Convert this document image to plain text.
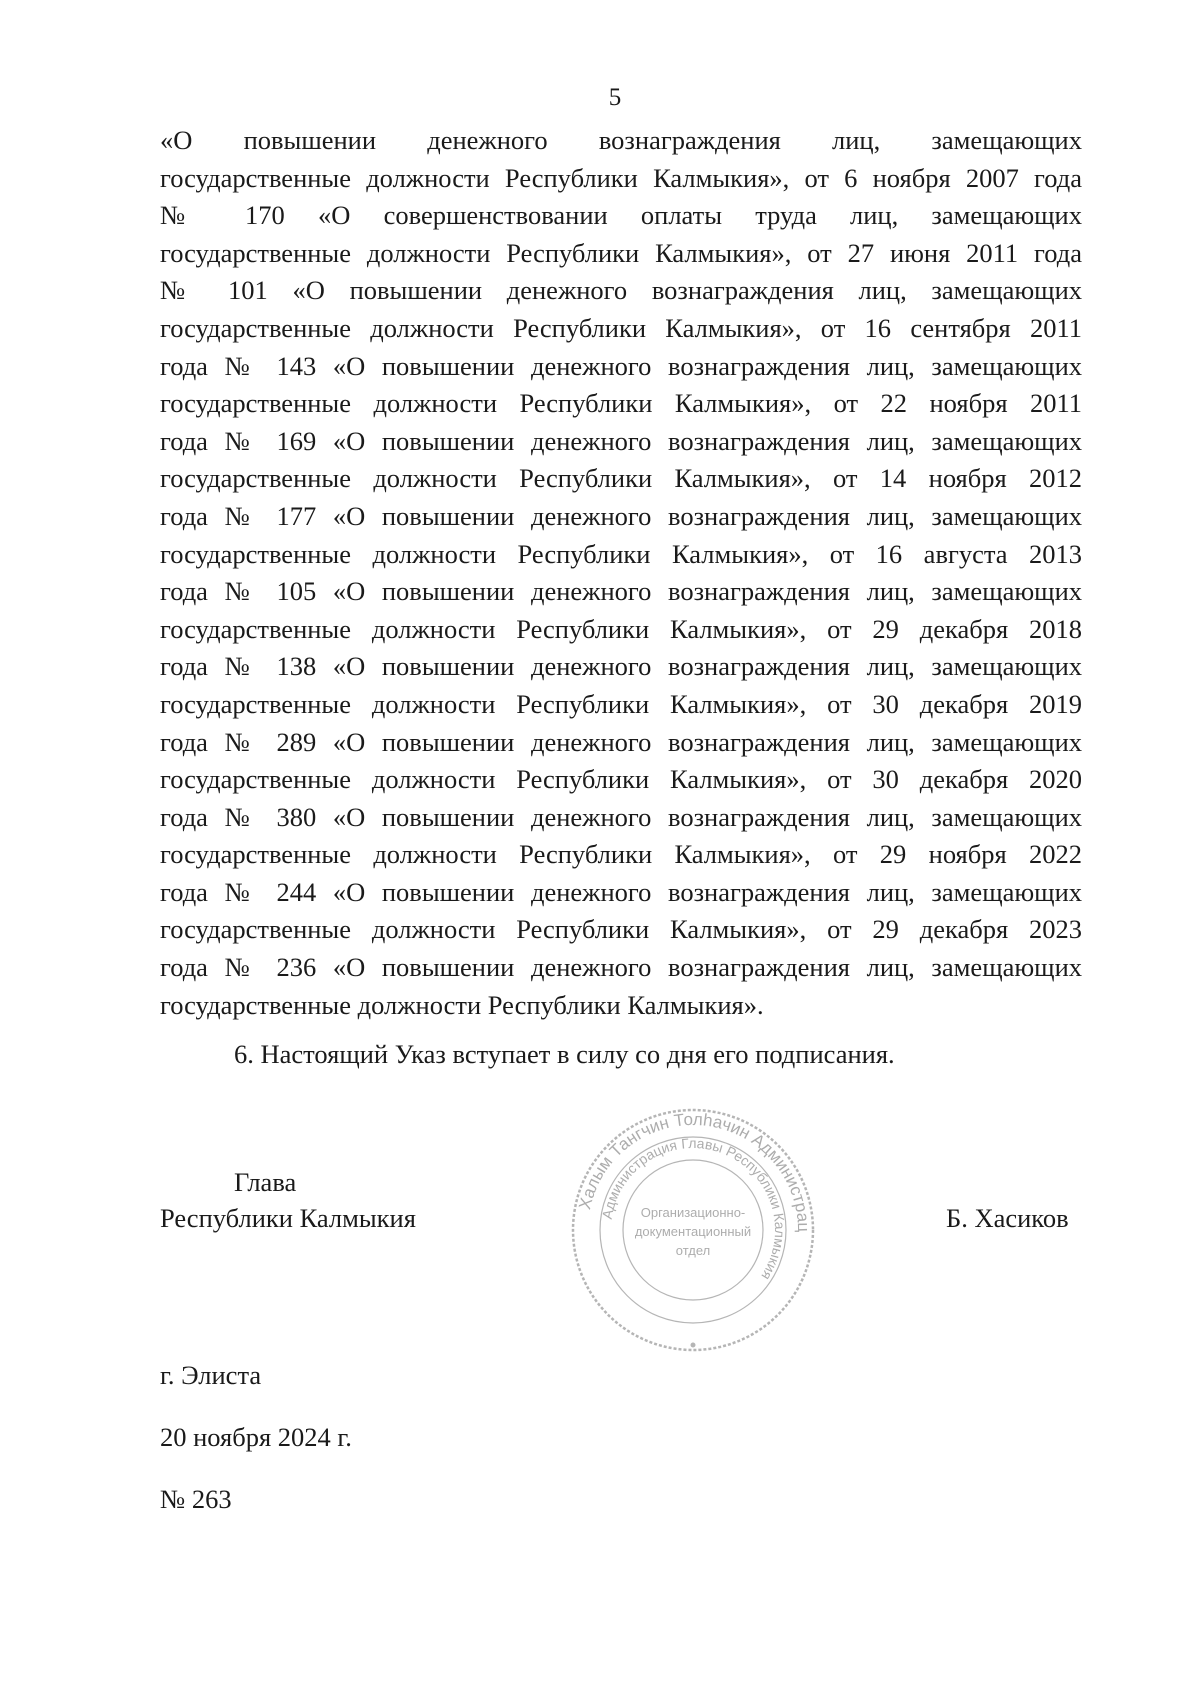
5
«О повышении денежного вознаграждения лиц, замещающих
государственные должности Республики Калмыкия», от 6 ноября 2007 года
№ 170 «О совершенствовании оплаты труда лиц, замещающих
государственные должности Республики Калмыкия», от 27 июня 2011 года
№ 101 «О повышении денежного вознаграждения лиц, замещающих
государственные должности Республики Калмыкия», от 16 сентября 2011
года № 143 «О повышении денежного вознаграждения лиц, замещающих
государственные должности Республики Калмыкия», от 22 ноября 2011
года № 169 «О повышении денежного вознаграждения лиц, замещающих
государственные должности Республики Калмыкия», от 14 ноября 2012
года № 177 «О повышении денежного вознаграждения лиц, замещающих
государственные должности Республики Калмыкия», от 16 августа 2013
года № 105 «О повышении денежного вознаграждения лиц, замещающих
государственные должности Республики Калмыкия», от 29 декабря 2018
года № 138 «О повышении денежного вознаграждения лиц, замещающих
государственные должности Республики Калмыкия», от 30 декабря 2019
года № 289 «О повышении денежного вознаграждения лиц, замещающих
государственные должности Республики Калмыкия», от 30 декабря 2020
года № 380 «О повышении денежного вознаграждения лиц, замещающих
государственные должности Республики Калмыкия», от 29 ноября 2022
года № 244 «О повышении денежного вознаграждения лиц, замещающих
государственные должности Республики Калмыкия», от 29 декабря 2023
года № 236 «О повышении денежного вознаграждения лиц, замещающих
государственные должности Республики Калмыкия».
6. Настоящий Указ вступает в силу со дня его подписания.
Глава
Республики Калмыкия	Б. Хасиков
Халым Тангчин Толһачин Администрац
Администрация Главы Республики Калмыкия
Организационно-
документационный
отдел
г. Элиста
20 ноября 2024 г.
№ 263
